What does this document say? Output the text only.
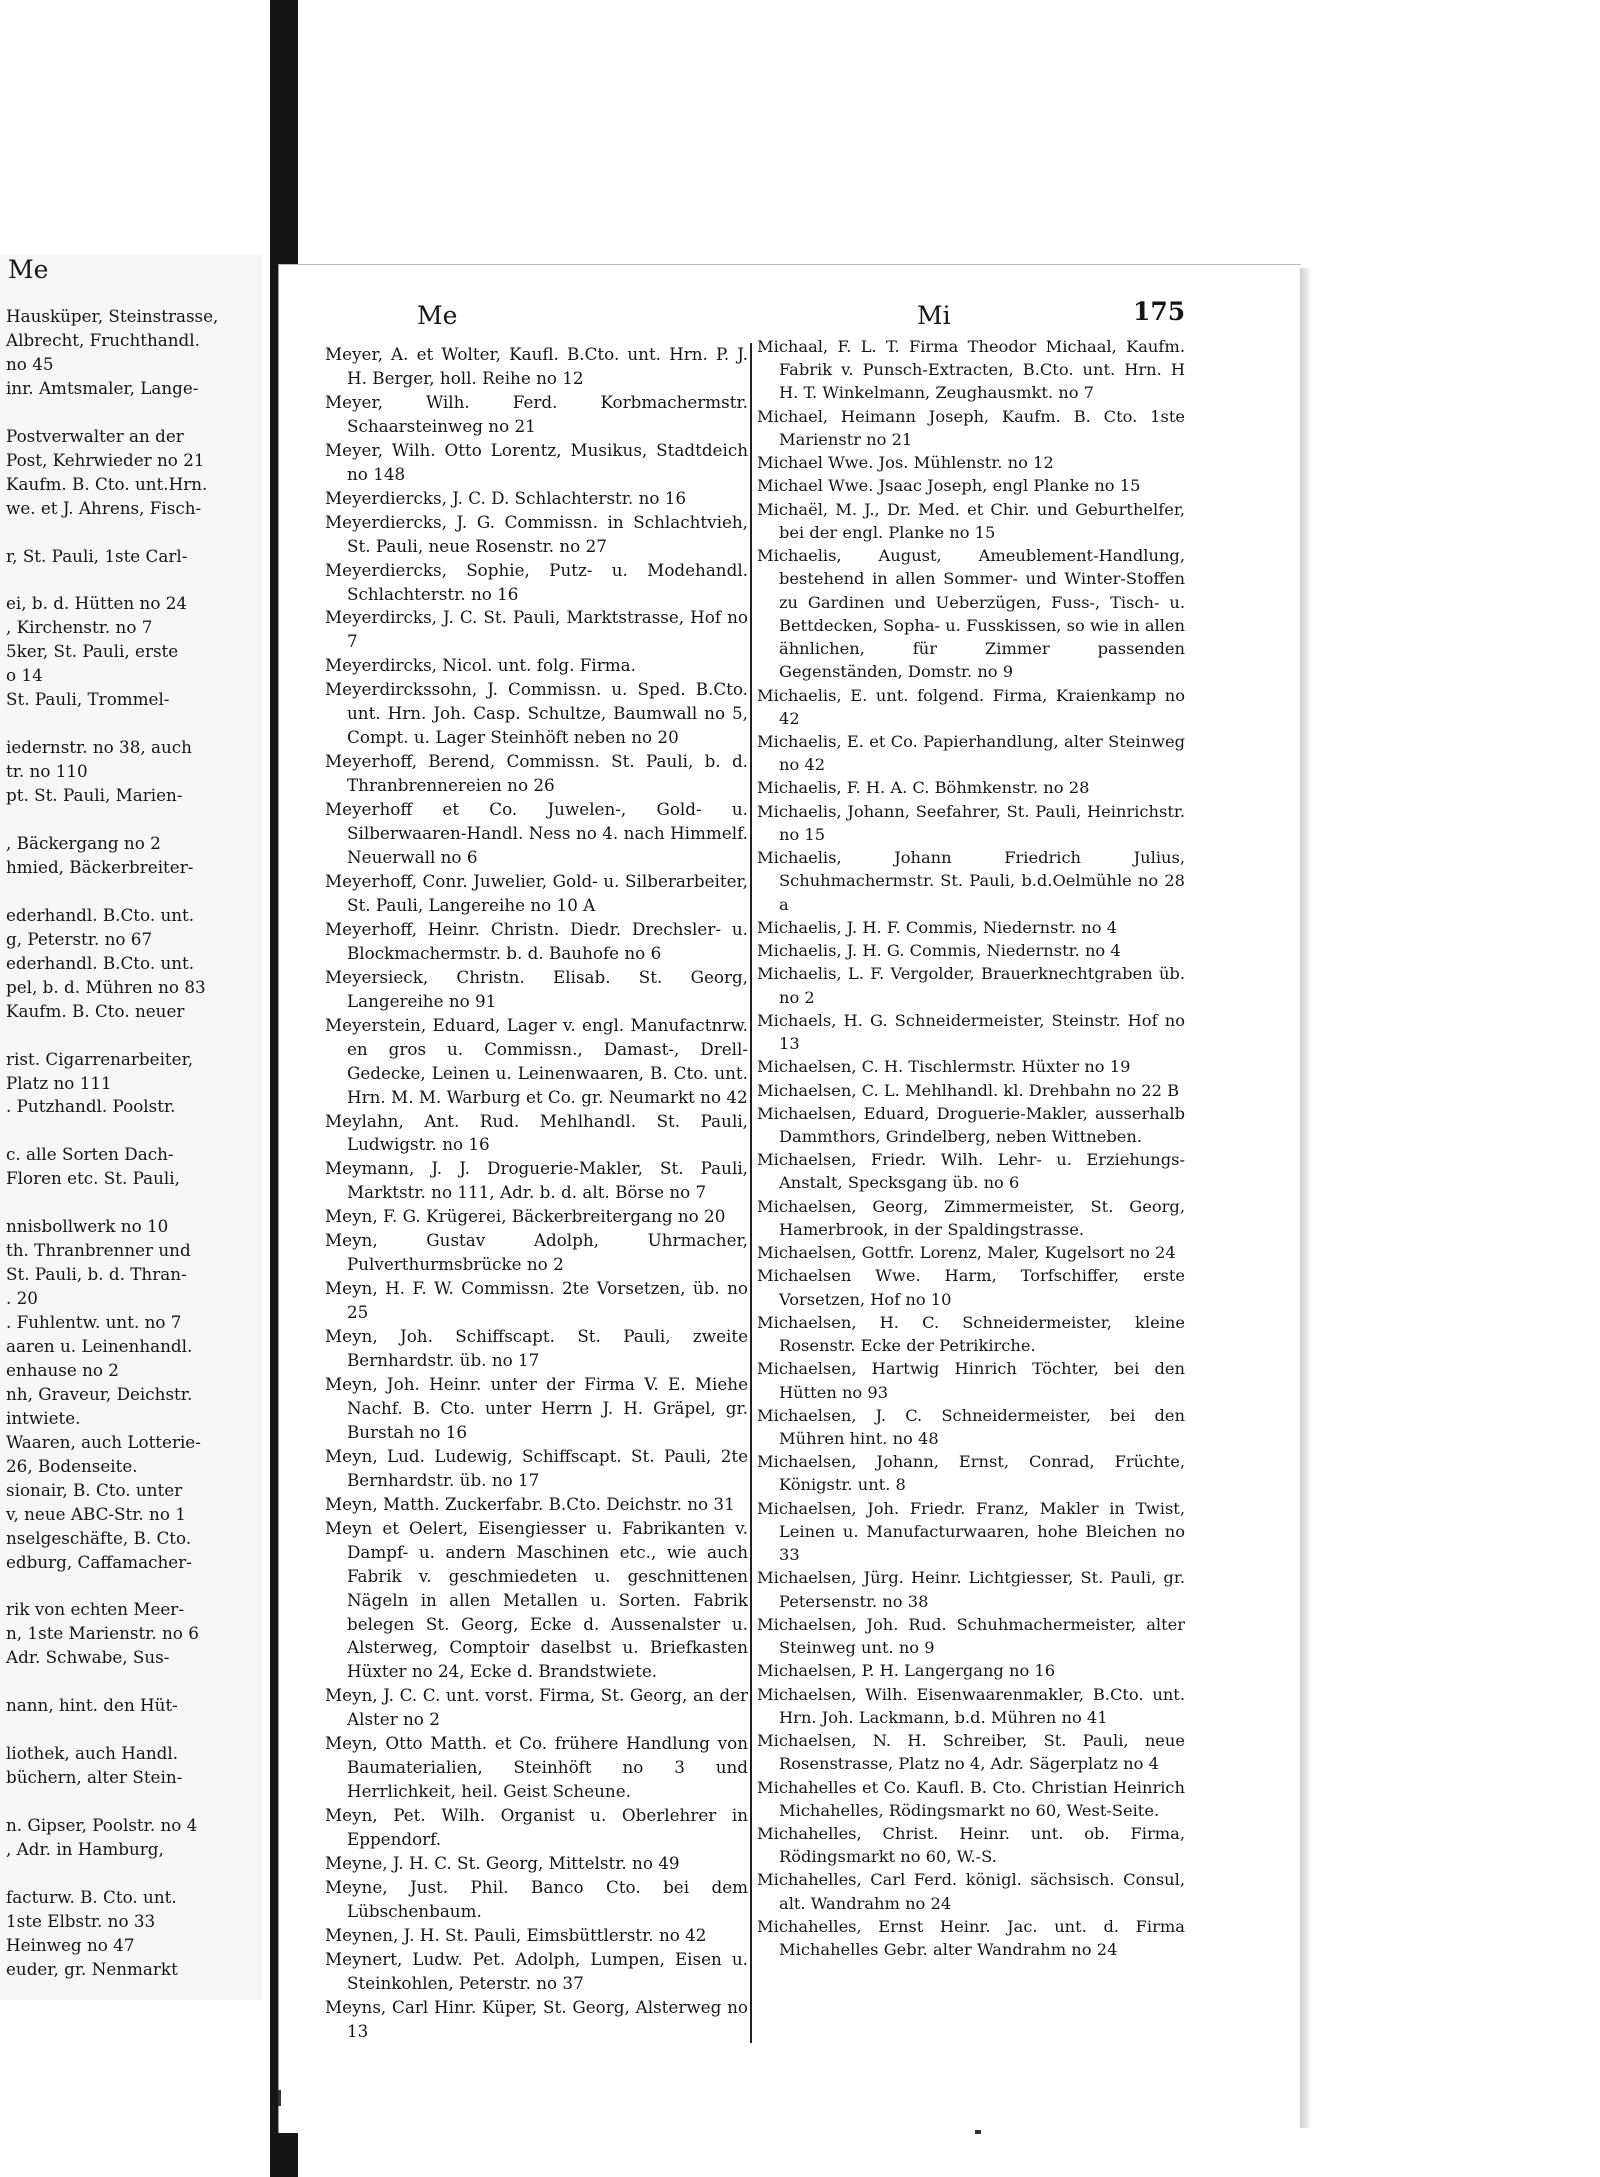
Me

Hausküper, Steinstrasse,

Albrecht, Fruchthandl.

no 45

inr. Amtsmaler, Lange-

Postverwalter an der

Post, Kehrwieder no 21

Kaufm. B. Cto. unt.Hrn.

we. et J. Ahrens, Fisch-

r, St. Pauli, 1ste Carl-

ei, b. d. Hütten no 24

, Kirchenstr. no 7

5ker, St. Pauli, erste

o 14

St. Pauli, Trommel-

iedernstr. no 38, auch

tr. no 110

pt. St. Pauli, Marien-

, Bäckergang no 2

hmied, Bäckerbreiter-

ederhandl. B.Cto. unt.

g, Peterstr. no 67

ederhandl. B.Cto. unt.

pel, b. d. Mühren no 83

Kaufm. B. Cto. neuer

rist. Cigarrenarbeiter,

Platz no 111

. Putzhandl. Poolstr.

c. alle Sorten Dach-

Floren etc. St. Pauli,

nnisbollwerk no 10

th. Thranbrenner und

St. Pauli, b. d. Thran-

. 20

. Fuhlentw. unt. no 7

aaren u. Leinenhandl.

enhause no 2

nh, Graveur, Deichstr.

intwiete.

Waaren, auch Lotterie-

26, Bodenseite.

sionair, B. Cto. unter

v, neue ABC-Str. no 1

nselgeschäfte, B. Cto.

edburg, Caffamacher-

rik von echten Meer-

n, 1ste Marienstr. no 6

Adr. Schwabe, Sus-

nann, hint. den Hüt-

liothek, auch Handl.

büchern, alter Stein-

n. Gipser, Poolstr. no 4

, Adr. in Hamburg,

facturw. B. Cto. unt.

1ste Elbstr. no 33

Heinweg no 47

euder, gr. Nenmarkt

Me	Mi	175

Meyer, A. et Wolter, Kaufl. B.Cto. unt. Hrn. P. J. H. Berger, holl. Reihe no 12

Meyer, Wilh. Ferd. Korbmachermstr. Schaarsteinweg no 21

Meyer, Wilh. Otto Lorentz, Musikus, Stadtdeich no 148

Meyerdiercks, J. C. D. Schlachterstr. no 16

Meyerdiercks, J. G. Commissn. in Schlachtvieh, St. Pauli, neue Rosenstr. no 27

Meyerdiercks, Sophie, Putz- u. Modehandl. Schlachterstr. no 16

Meyerdircks, J. C. St. Pauli, Marktstrasse, Hof no 7

Meyerdircks, Nicol. unt. folg. Firma.

Meyerdirckssohn, J. Commissn. u. Sped. B.Cto. unt. Hrn. Joh. Casp. Schultze, Baumwall no 5, Compt. u. Lager Steinhöft neben no 20

Meyerhoff, Berend, Commissn. St. Pauli, b. d. Thranbrennereien no 26

Meyerhoff et Co. Juwelen-, Gold- u. Silberwaaren-Handl. Ness no 4. nach Himmelf. Neuerwall no 6

Meyerhoff, Conr. Juwelier, Gold- u. Silberarbeiter, St. Pauli, Langereihe no 10 A

Meyerhoff, Heinr. Christn. Diedr. Drechsler- u. Blockmachermstr. b. d. Bauhofe no 6

Meyersieck, Christn. Elisab. St. Georg, Langereihe no 91

Meyerstein, Eduard, Lager v. engl. Manufactnrw. en gros u. Commissn., Damast-, Drell-Gedecke, Leinen u. Leinenwaaren, B. Cto. unt. Hrn. M. M. Warburg et Co. gr. Neumarkt no 42

Meylahn, Ant. Rud. Mehlhandl. St. Pauli, Ludwigstr. no 16

Meymann, J. J. Droguerie-Makler, St. Pauli, Marktstr. no 111, Adr. b. d. alt. Börse no 7

Meyn, F. G. Krügerei, Bäckerbreitergang no 20

Meyn, Gustav Adolph, Uhrmacher, Pulverthurmsbrücke no 2

Meyn, H. F. W. Commissn. 2te Vorsetzen, üb. no 25

Meyn, Joh. Schiffscapt. St. Pauli, zweite Bernhardstr. üb. no 17

Meyn, Joh. Heinr. unter der Firma V. E. Miehe Nachf. B. Cto. unter Herrn J. H. Gräpel, gr. Burstah no 16

Meyn, Lud. Ludewig, Schiffscapt. St. Pauli, 2te Bernhardstr. üb. no 17

Meyn, Matth. Zuckerfabr. B.Cto. Deichstr. no 31

Meyn et Oelert, Eisengiesser u. Fabrikanten v. Dampf- u. andern Maschinen etc., wie auch Fabrik v. geschmiedeten u. geschnittenen Nägeln in allen Metallen u. Sorten. Fabrik belegen St. Georg, Ecke d. Aussenalster u. Alsterweg, Comptoir daselbst u. Briefkasten Hüxter no 24, Ecke d. Brandstwiete.

Meyn, J. C. C. unt. vorst. Firma, St. Georg, an der Alster no 2

Meyn, Otto Matth. et Co. frühere Handlung von Baumaterialien, Steinhöft no 3 und Herrlichkeit, heil. Geist Scheune.

Meyn, Pet. Wilh. Organist u. Oberlehrer in Eppendorf.

Meyne, J. H. C. St. Georg, Mittelstr. no 49

Meyne, Just. Phil. Banco Cto. bei dem Lübschenbaum.

Meynen, J. H. St. Pauli, Eimsbüttlerstr. no 42

Meynert, Ludw. Pet. Adolph, Lumpen, Eisen u. Steinkohlen, Peterstr. no 37

Meyns, Carl Hinr. Küper, St. Georg, Alsterweg no 13

Michaal, F. L. T. Firma Theodor Michaal, Kaufm. Fabrik v. Punsch-Extracten, B.Cto. unt. Hrn. H H. T. Winkelmann, Zeughausmkt. no 7

Michael, Heimann Joseph, Kaufm. B. Cto. 1ste Marienstr no 21

Michael Wwe. Jos. Mühlenstr. no 12

Michael Wwe. Jsaac Joseph, engl Planke no 15

Michaël, M. J., Dr. Med. et Chir. und Geburthelfer, bei der engl. Planke no 15

Michaelis, August, Ameublement-Handlung, bestehend in allen Sommer- und Winter-Stoffen zu Gardinen und Ueberzügen, Fuss-, Tisch- u. Bettdecken, Sopha- u. Fusskissen, so wie in allen ähnlichen, für Zimmer passenden Gegenständen, Domstr. no 9

Michaelis, E. unt. folgend. Firma, Kraienkamp no 42

Michaelis, E. et Co. Papierhandlung, alter Steinweg no 42

Michaelis, F. H. A. C. Böhmkenstr. no 28

Michaelis, Johann, Seefahrer, St. Pauli, Heinrichstr. no 15

Michaelis, Johann Friedrich Julius, Schuhmachermstr. St. Pauli, b.d.Oelmühle no 28 a

Michaelis, J. H. F. Commis, Niedernstr. no 4

Michaelis, J. H. G. Commis, Niedernstr. no 4

Michaelis, L. F. Vergolder, Brauerknechtgraben üb. no 2

Michaels, H. G. Schneidermeister, Steinstr. Hof no 13

Michaelsen, C. H. Tischlermstr. Hüxter no 19

Michaelsen, C. L. Mehlhandl. kl. Drehbahn no 22 B

Michaelsen, Eduard, Droguerie-Makler, ausserhalb Dammthors, Grindelberg, neben Wittneben.

Michaelsen, Friedr. Wilh. Lehr- u. Erziehungs-Anstalt, Specksgang üb. no 6

Michaelsen, Georg, Zimmermeister, St. Georg, Hamerbrook, in der Spaldingstrasse.

Michaelsen, Gottfr. Lorenz, Maler, Kugelsort no 24

Michaelsen Wwe. Harm, Torfschiffer, erste Vorsetzen, Hof no 10

Michaelsen, H. C. Schneidermeister, kleine Rosenstr. Ecke der Petrikirche.

Michaelsen, Hartwig Hinrich Töchter, bei den Hütten no 93

Michaelsen, J. C. Schneidermeister, bei den Mühren hint. no 48

Michaelsen, Johann, Ernst, Conrad, Früchte, Königstr. unt. 8

Michaelsen, Joh. Friedr. Franz, Makler in Twist, Leinen u. Manufacturwaaren, hohe Bleichen no 33

Michaelsen, Jürg. Heinr. Lichtgiesser, St. Pauli, gr. Petersenstr. no 38

Michaelsen, Joh. Rud. Schuhmachermeister, alter Steinweg unt. no 9

Michaelsen, P. H. Langergang no 16

Michaelsen, Wilh. Eisenwaarenmakler, B.Cto. unt. Hrn. Joh. Lackmann, b.d. Mühren no 41

Michaelsen, N. H. Schreiber, St. Pauli, neue Rosenstrasse, Platz no 4, Adr. Sägerplatz no 4

Michahelles et Co. Kaufl. B. Cto. Christian Heinrich Michahelles, Rödingsmarkt no 60, West-Seite.

Michahelles, Christ. Heinr. unt. ob. Firma, Rödingsmarkt no 60, W.-S.

Michahelles, Carl Ferd. königl. sächsisch. Consul, alt. Wandrahm no 24

Michahelles, Ernst Heinr. Jac. unt. d. Firma Michahelles Gebr. alter Wandrahm no 24
